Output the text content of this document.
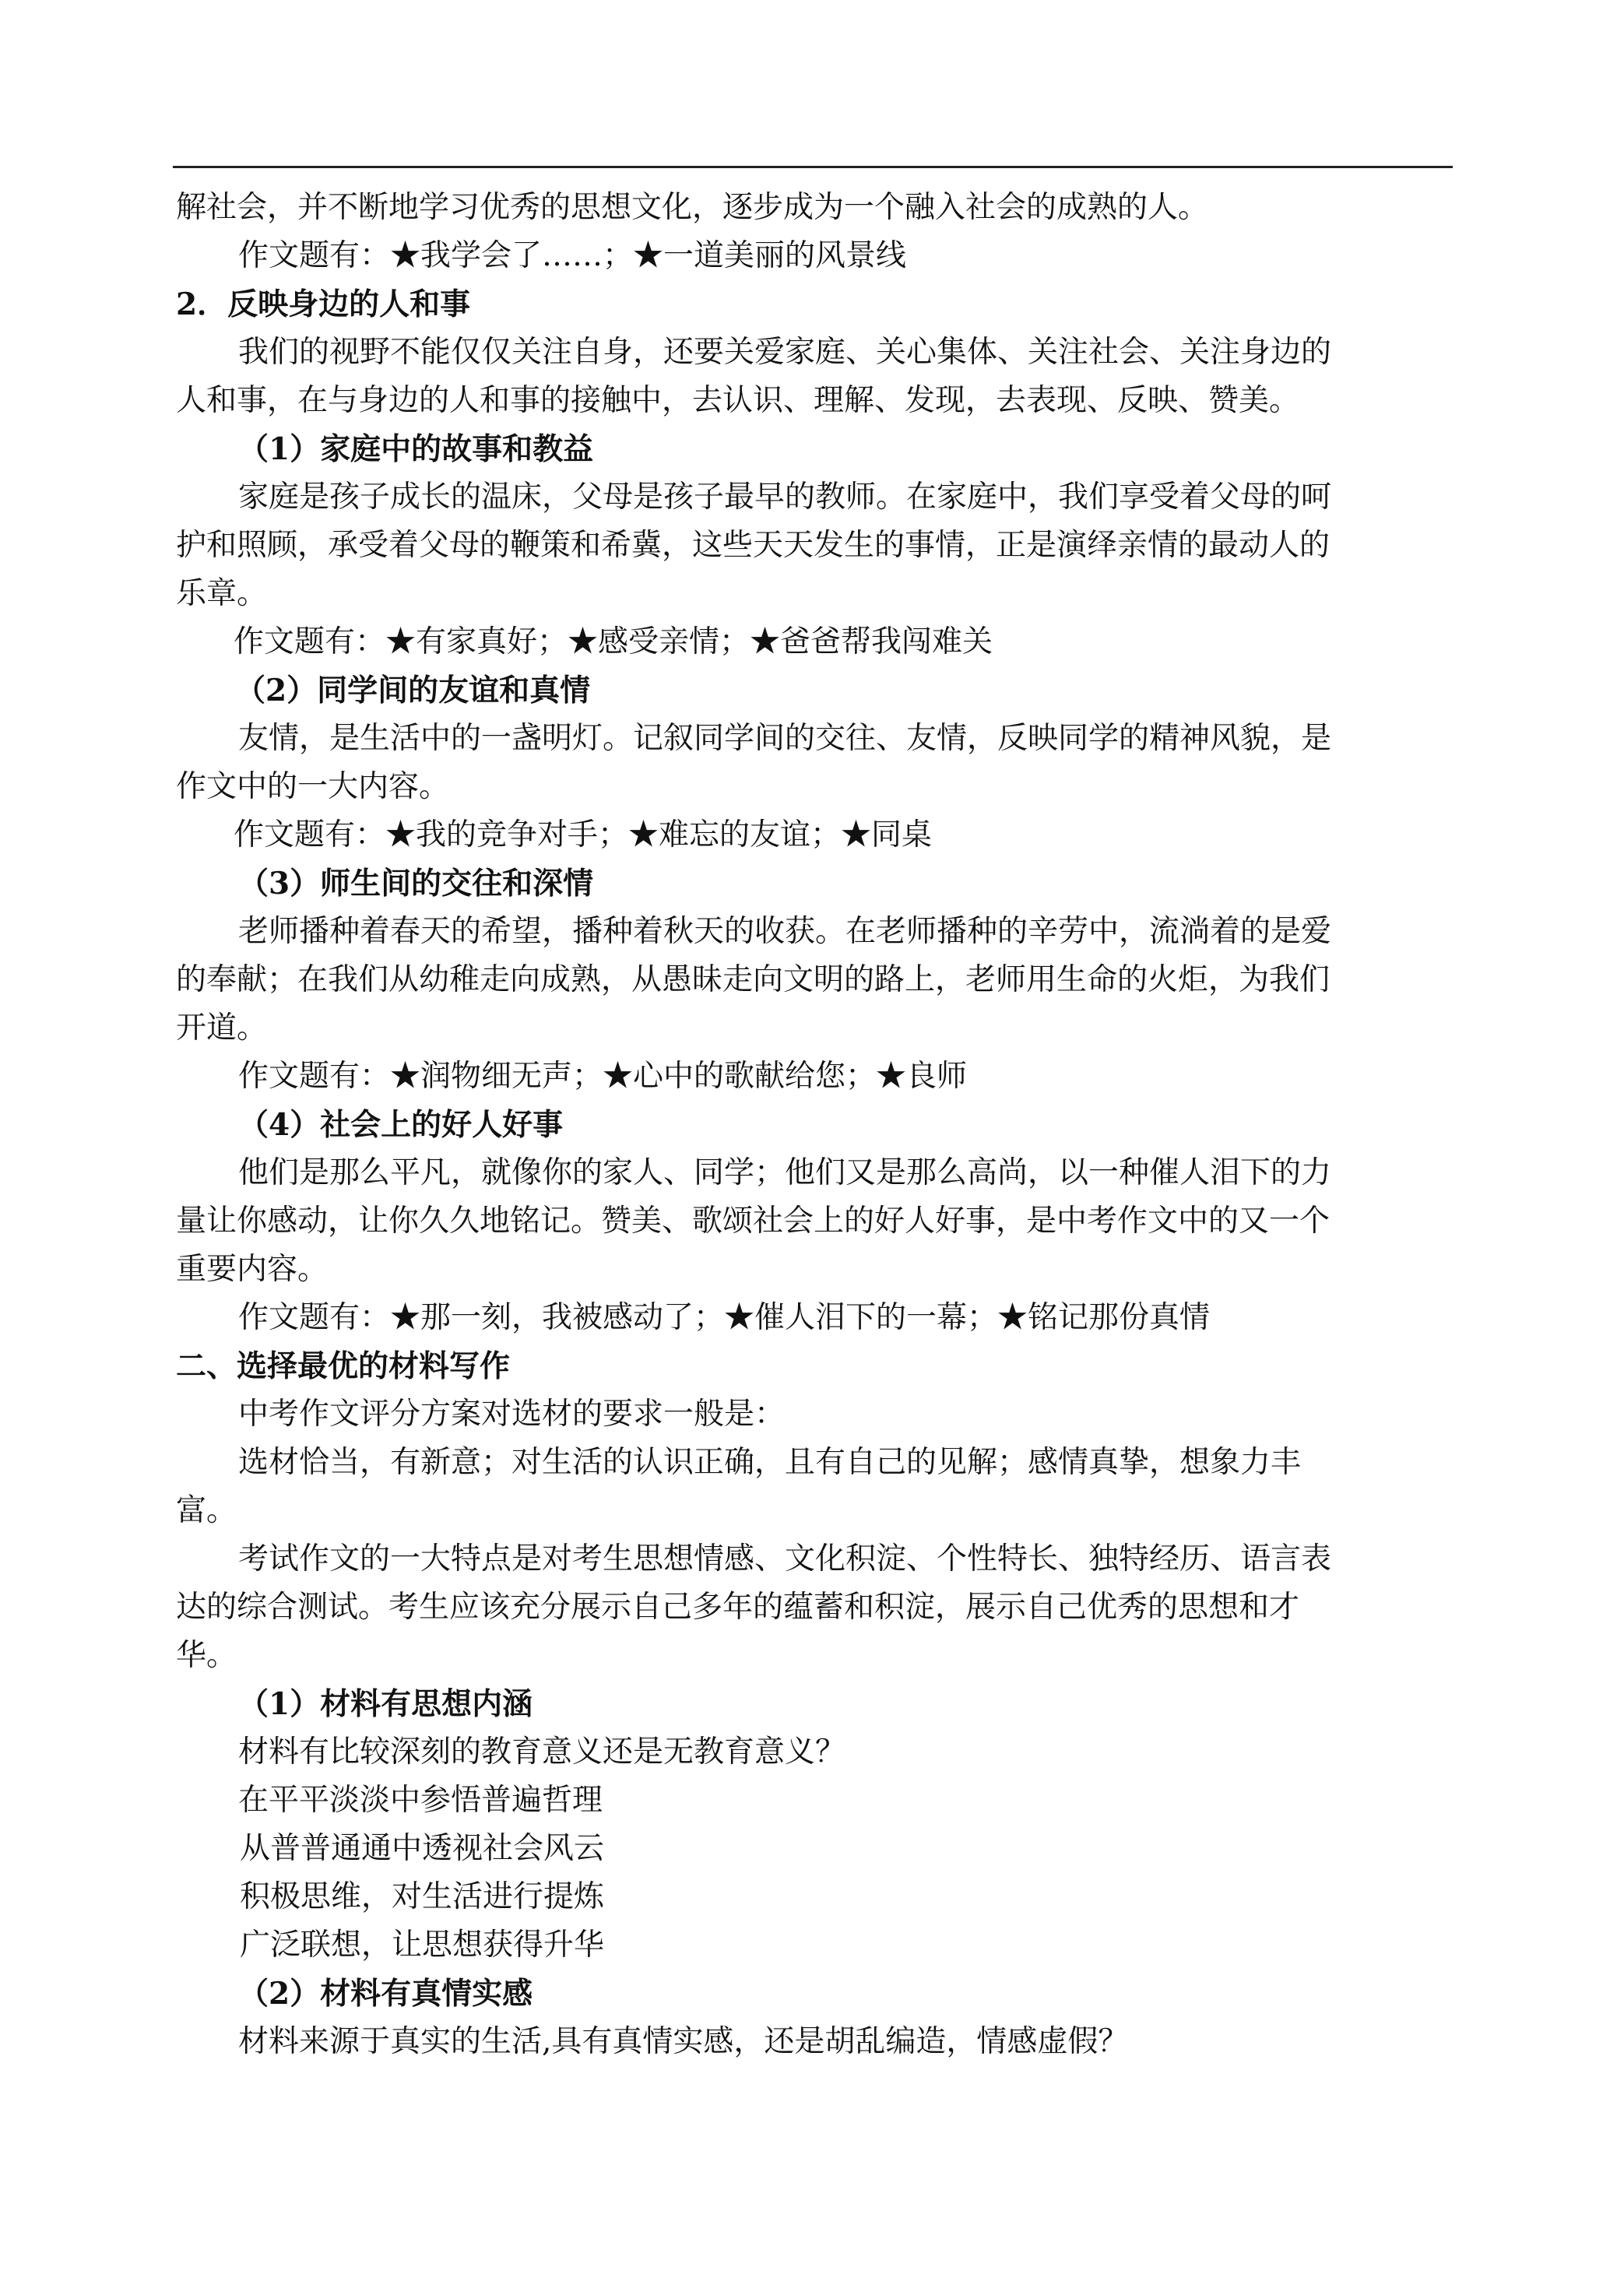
解社会，并不断地学习优秀的思想文化，逐步成为一个融入社会的成熟的人。
作文题有：★我学会了……；★一道美丽的风景线
2．反映身边的人和事
我们的视野不能仅仅关注自身，还要关爱家庭、关心集体、关注社会、关注身边的
人和事，在与身边的人和事的接触中，去认识、理解、发现，去表现、反映、赞美。
（1）家庭中的故事和教益
家庭是孩子成长的温床，父母是孩子最早的教师。在家庭中，我们享受着父母的呵
护和照顾，承受着父母的鞭策和希冀，这些天天发生的事情，正是演绎亲情的最动人的
乐章。
作文题有：★有家真好；★感受亲情；★爸爸帮我闯难关
（2）同学间的友谊和真情
友情，是生活中的一盏明灯。记叙同学间的交往、友情，反映同学的精神风貌，是
作文中的一大内容。
作文题有：★我的竞争对手；★难忘的友谊；★同桌
（3）师生间的交往和深情
老师播种着春天的希望，播种着秋天的收获。在老师播种的辛劳中，流淌着的是爱
的奉献；在我们从幼稚走向成熟，从愚昧走向文明的路上，老师用生命的火炬，为我们
开道。
作文题有：★润物细无声；★心中的歌献给您；★良师
（4）社会上的好人好事
他们是那么平凡，就像你的家人、同学；他们又是那么高尚，以一种催人泪下的力
量让你感动，让你久久地铭记。赞美、歌颂社会上的好人好事，是中考作文中的又一个
重要内容。
作文题有：★那一刻，我被感动了；★催人泪下的一幕；★铭记那份真情
二、选择最优的材料写作
中考作文评分方案对选材的要求一般是：
选材恰当，有新意；对生活的认识正确，且有自己的见解；感情真挚，想象力丰
富。
考试作文的一大特点是对考生思想情感、文化积淀、个性特长、独特经历、语言表
达的综合测试。考生应该充分展示自己多年的蕴蓄和积淀，展示自己优秀的思想和才
华。
（1）材料有思想内涵
材料有比较深刻的教育意义还是无教育意义？
在平平淡淡中参悟普遍哲理
从普普通通中透视社会风云
积极思维，对生活进行提炼
广泛联想，让思想获得升华
（2）材料有真情实感
材料来源于真实的生活,具有真情实感，还是胡乱编造，情感虚假？
